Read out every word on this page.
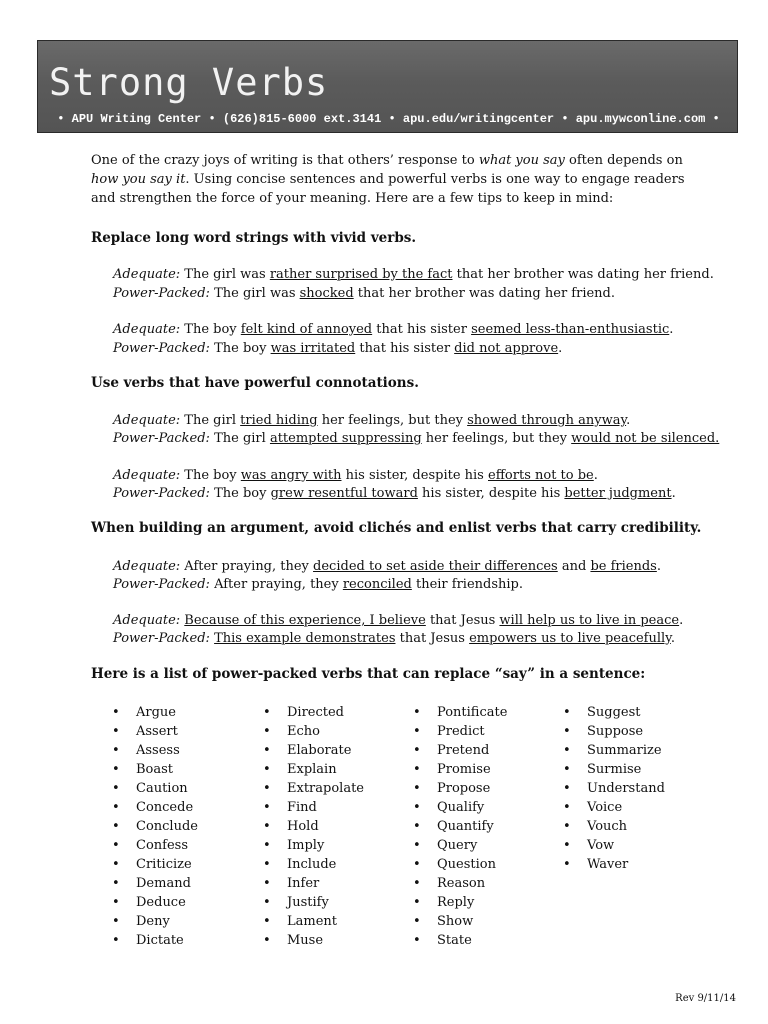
Strong Verbs
• APU Writing Center • (626)815-6000 ext.3141 • apu.edu/writingcenter • apu.mywconline.com •
One of the crazy joys of writing is that others’ response to what you say often depends on
how you say it. Using concise sentences and powerful verbs is one way to engage readers
and strengthen the force of your meaning. Here are a few tips to keep in mind:
Replace long word strings with vivid verbs.
Adequate: The girl was rather surprised by the fact that her brother was dating her friend.
Power-Packed: The girl was shocked that her brother was dating her friend.
Adequate: The boy felt kind of annoyed that his sister seemed less-than-enthusiastic.
Power-Packed: The boy was irritated that his sister did not approve.
Use verbs that have powerful connotations.
Adequate: The girl tried hiding her feelings, but they showed through anyway.
Power-Packed: The girl attempted suppressing her feelings, but they would not be silenced.
Adequate: The boy was angry with his sister, despite his efforts not to be.
Power-Packed: The boy grew resentful toward his sister, despite his better judgment.
When building an argument, avoid clichés and enlist verbs that carry credibility.
Adequate: After praying, they decided to set aside their differences and be friends.
Power-Packed: After praying, they reconciled their friendship.
Adequate: Because of this experience, I believe that Jesus will help us to live in peace.
Power-Packed: This example demonstrates that Jesus empowers us to live peacefully.
Here is a list of power-packed verbs that can replace “say” in a sentence:
• Argue
• Assert
• Assess
• Boast
• Caution
• Concede
• Conclude
• Confess
• Criticize
• Demand
• Deduce
• Deny
• Dictate
• Directed
• Echo
• Elaborate
• Explain
• Extrapolate
• Find
• Hold
• Imply
• Include
• Infer
• Justify
• Lament
• Muse
• Pontificate
• Predict
• Pretend
• Promise
• Propose
• Qualify
• Quantify
• Query
• Question
• Reason
• Reply
• Show
• State
• Suggest
• Suppose
• Summarize
• Surmise
• Understand
• Voice
• Vouch
• Vow
• Waver
Rev 9/11/14
